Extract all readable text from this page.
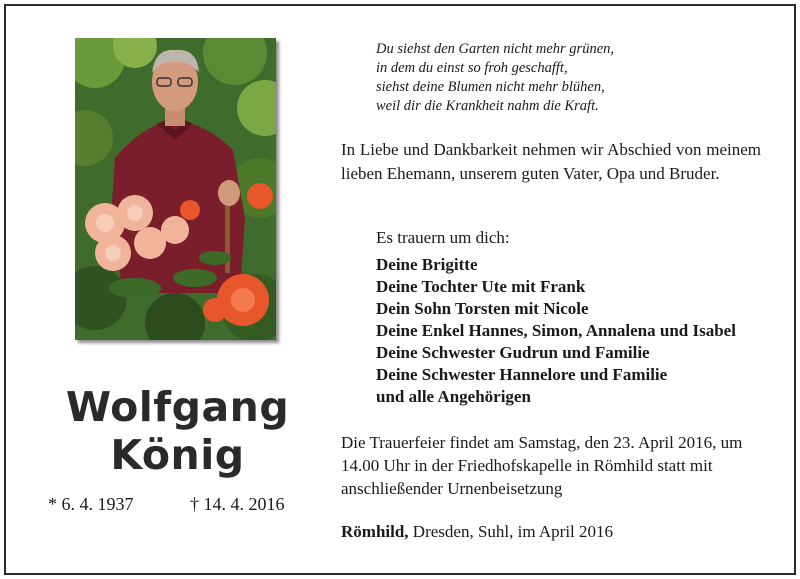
Wolfgang
König
* 6. 4. 1937	† 14. 4. 2016
Du siehst den Garten nicht mehr grünen,
in dem du einst so froh geschafft,
siehst deine Blumen nicht mehr blühen,
weil dir die Krankheit nahm die Kraft.
In Liebe und Dankbarkeit nehmen wir Abschied von meinem lieben Ehemann, unserem guten Vater, Opa und Bruder.
Es trauern um dich:
Deine Brigitte
Deine Tochter Ute mit Frank
Dein Sohn Torsten mit Nicole
Deine Enkel Hannes, Simon, Annalena und Isabel
Deine Schwester Gudrun und Familie
Deine Schwester Hannelore und Familie
und alle Angehörigen
Die Trauerfeier findet am Samstag, den 23. April 2016, um 14.00 Uhr in der Friedhofskapelle in Römhild statt mit anschließender Urnenbeisetzung
Römhild, Dresden, Suhl, im April 2016
